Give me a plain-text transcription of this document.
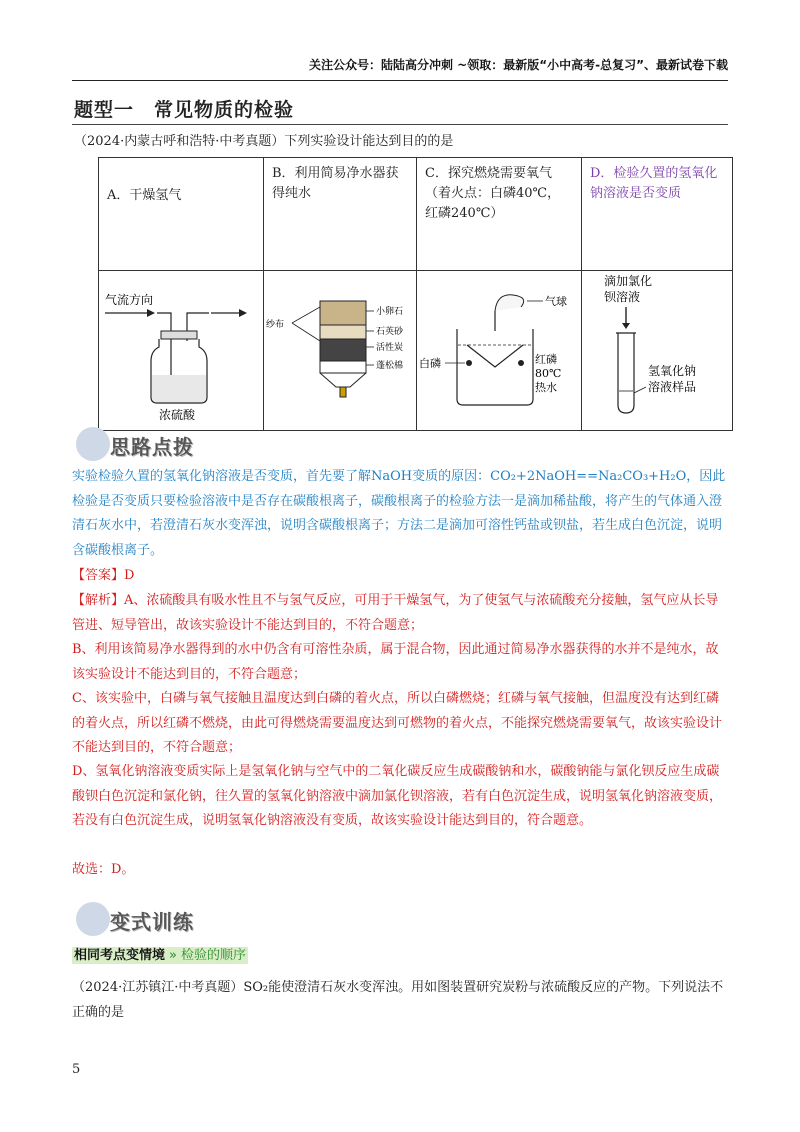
关注公众号：陆陆高分冲刺 ~领取：最新版“小中高考-总复习”、最新试卷下载
题型一　常见物质的检验
（2024·内蒙古呼和浩特·中考真题）下列实验设计能达到目的的是
A．干燥氢气	B．利用简易净水器获得纯水	C．探究燃烧需要氧气（着火点：白磷40℃，红磷240℃）	D．检验久置的氢氧化钠溶液是否变质

气流方向
浓硫酸	纱布
小卵石
石英砂
活性炭
蓬松棉	气球
白磷 红磷
80℃
热水	滴加氯化
钡溶液
氢氧化钠
溶液样品
思路点拨
实验检验久置的氢氧化钠溶液是否变质，首先要了解NaOH变质的原因：CO₂+2NaOH==Na₂CO₃+H₂O，因此检验是否变质只要检验溶液中是否存在碳酸根离子，碳酸根离子的检验方法一是滴加稀盐酸，将产生的气体通入澄清石灰水中，若澄清石灰水变浑浊，说明含碳酸根离子；方法二是滴加可溶性钙盐或钡盐，若生成白色沉淀，说明含碳酸根离子。
【答案】D
【解析】A、浓硫酸具有吸水性且不与氢气反应，可用于干燥氢气，为了使氢气与浓硫酸充分接触，氢气应从长导管进、短导管出，故该实验设计不能达到目的，不符合题意；
B、利用该简易净水器得到的水中仍含有可溶性杂质，属于混合物，因此通过简易净水器获得的水并不是纯水，故该实验设计不能达到目的，不符合题意；
C、该实验中，白磷与氧气接触且温度达到白磷的着火点，所以白磷燃烧；红磷与氧气接触，但温度没有达到红磷的着火点，所以红磷不燃烧，由此可得燃烧需要温度达到可燃物的着火点，不能探究燃烧需要氧气，故该实验设计不能达到目的，不符合题意；
D、氢氧化钠溶液变质实际上是氢氧化钠与空气中的二氧化碳反应生成碳酸钠和水，碳酸钠能与氯化钡反应生成碳酸钡白色沉淀和氯化钠，往久置的氢氧化钠溶液中滴加氯化钡溶液，若有白色沉淀生成，说明氢氧化钠溶液变质，若没有白色沉淀生成，说明氢氧化钠溶液没有变质，故该实验设计能达到目的，符合题意。
故选：D。
变式训练
相同考点变情境 » 检验的顺序
（2024·江苏镇江·中考真题）SO₂能使澄清石灰水变浑浊。用如图装置研究炭粉与浓硫酸反应的产物。下列说法不正确的是
5
